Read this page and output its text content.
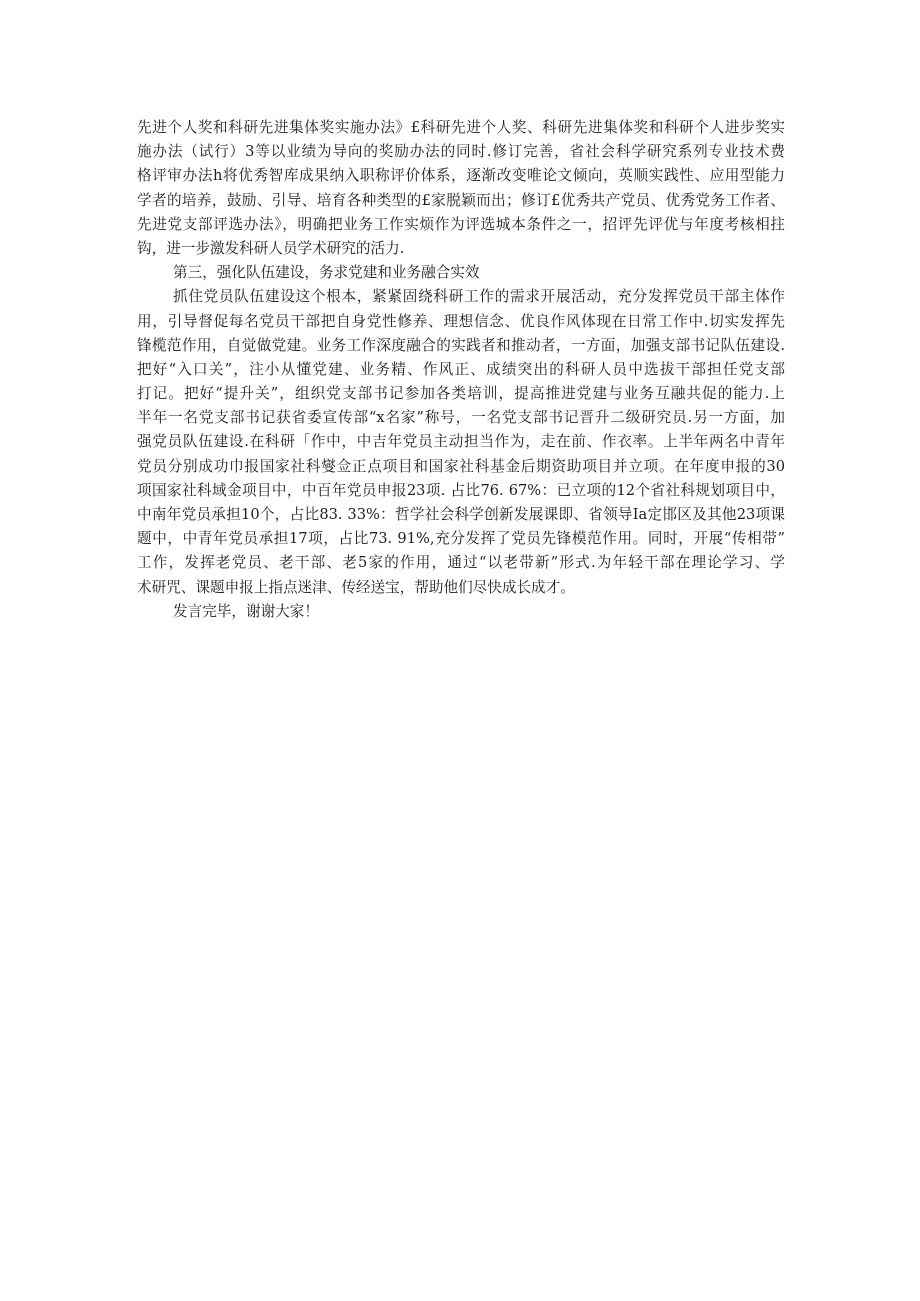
先进个人奖和科研先进集体奖实施办法》£科研先进个人奖、科研先进集体奖和科研个人进步奖实
施办法（试行）3等以业绩为导向的奖励办法的同时.修订完善，省社会科学研究系列专业技术费
格评审办法h将优秀智库成果纳入职称评价体系，逐渐改变唯论文倾向，英顺实践性、应用型能力
学者的培养，鼓励、引导、培育各种类型的£家脱颖而出；修订£优秀共产党员、优秀党务工作者、
先进党支部评选办法》，明确把业务工作实烦作为评选城本条件之一，招评先评优与年度考核相拄
钩，进一步激发科研人员学术研究的活力.
第三，强化队伍建设，务求党建和业务融合实效
抓住党员队伍建设这个根本，紧紧固绕科研工作的需求开展活动，充分发挥党员干部主体作
用，引导督促每名党员干部把自身党性修养、理想信念、优良作风体现在日常工作中.切实发挥先
锋榄范作用，自觉做党建。业务工作深度融合的实践者和推动者，一方面，加强支部书记队伍建设.
把好“入口关”，注小从懂党建、业务精、作风正、成绩突出的科研人员中选拔干部担任党支部
打记。把好“提升关”，组织党支部书记参加各类培训，提高推进党建与业务互融共促的能力.上
半年一名党支部书记获省委宣传部“x名家”称号，一名党支部书记晋升二级研究员.另一方面，加
强党员队伍建设.在科研「作中，中吉年党员主动担当作为，走在前、作衣率。上半年两名中青年
党员分别成功巾报国家社科燮佥正点项目和国家社科基金后期资助项目并立项。在年度申报的30
项国家社科域金项目中，中百年党员申报23项. 占比76. 67%：已立项的12个省社科规划项目中，
中南年党员承担10个，占比83. 33%：哲学社会科学创新发展课即、省领导Ia定邯区及其他23项课
题中，中青年党员承担17项，占比73. 91%,充分发挥了党员先锋模范作用。同时，开展“传相带”
工作，发挥老党员、老干部、老5家的作用，通过“以老带新”形式.为年轻干部在理论学习、学
术研咒、课题申报上指点迷津、传经送宝，帮助他们尽快成长成才。
发言完毕，谢谢大家！
